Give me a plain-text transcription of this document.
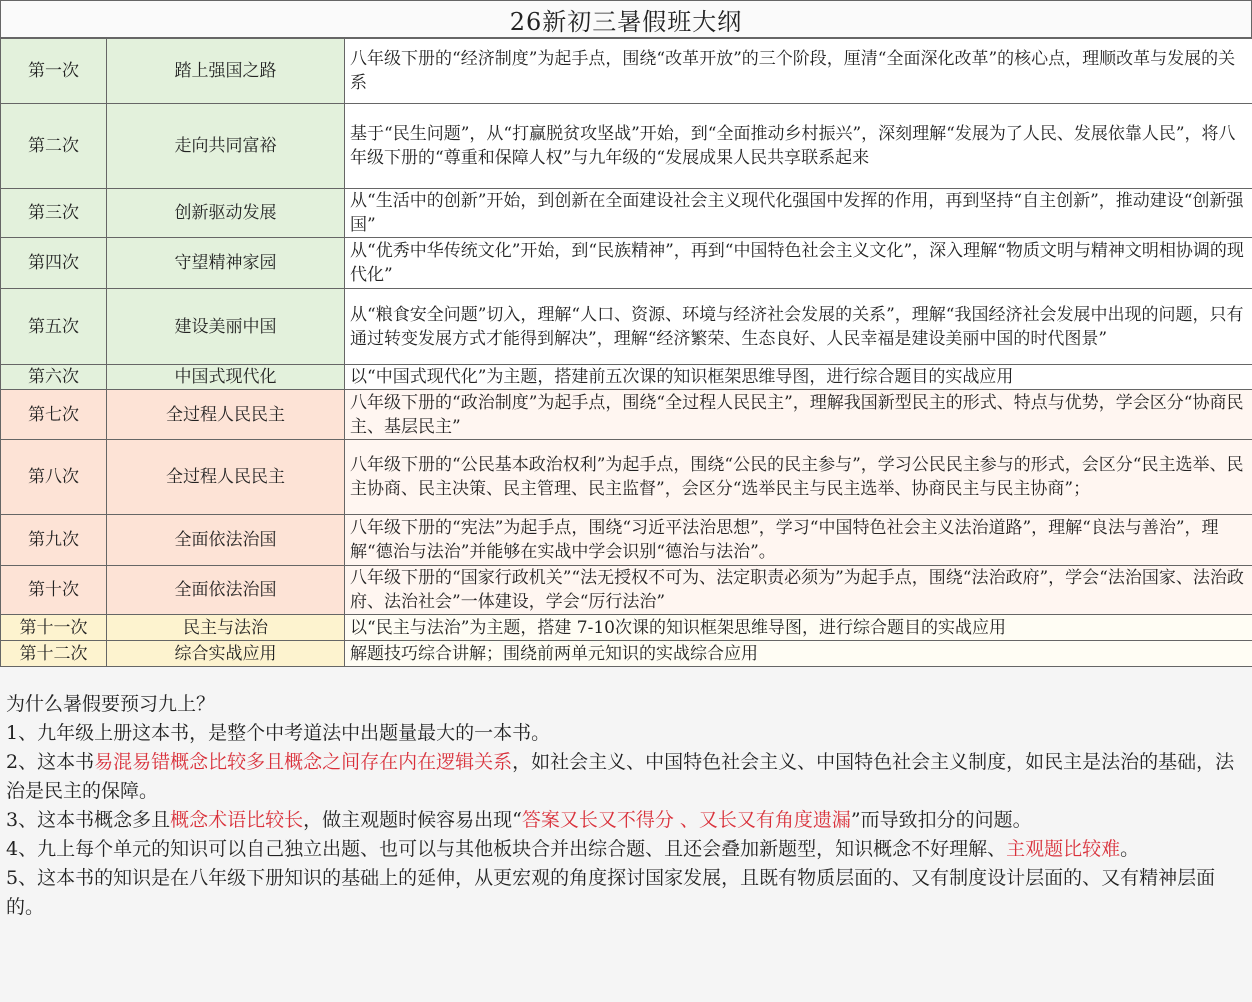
26新初三暑假班大纲
第一次	踏上强国之路	八年级下册的“经济制度”为起手点，围绕“改革开放”的三个阶段，厘清“全面深化改革”的核心点，理顺改革与发展的关系
第二次	走向共同富裕	基于“民生问题”，从“打赢脱贫攻坚战”开始，到“全面推动乡村振兴”，深刻理解“发展为了人民、发展依靠人民”，将八年级下册的“尊重和保障人权”与九年级的“发展成果人民共享联系起来
第三次	创新驱动发展	从“生活中的创新”开始，到创新在全面建设社会主义现代化强国中发挥的作用，再到坚持“自主创新”，推动建设“创新强国”
第四次	守望精神家园	从“优秀中华传统文化”开始，到“民族精神”，再到“中国特色社会主义文化”，深入理解“物质文明与精神文明相协调的现代化”
第五次	建设美丽中国	从“粮食安全问题”切入，理解“人口、资源、环境与经济社会发展的关系”，理解“我国经济社会发展中出现的问题，只有通过转变发展方式才能得到解决”，理解“经济繁荣、生态良好、人民幸福是建设美丽中国的时代图景”
第六次	中国式现代化	以“中国式现代化”为主题，搭建前五次课的知识框架思维导图，进行综合题目的实战应用
第七次	全过程人民民主	八年级下册的“政治制度”为起手点，围绕“全过程人民民主”，理解我国新型民主的形式、特点与优势，学会区分“协商民主、基层民主”
第八次	全过程人民民主	八年级下册的“公民基本政治权利”为起手点，围绕“公民的民主参与”，学习公民民主参与的形式，会区分“民主选举、民主协商、民主决策、民主管理、民主监督”，会区分“选举民主与民主选举、协商民主与民主协商”；
第九次	全面依法治国	八年级下册的“宪法”为起手点，围绕“习近平法治思想”，学习“中国特色社会主义法治道路”，理解“良法与善治”，理解“德治与法治”并能够在实战中学会识别“德治与法治”。
第十次	全面依法治国	八年级下册的“国家行政机关”“法无授权不可为、法定职责必须为”为起手点，围绕“法治政府”，学会“法治国家、法治政府、法治社会”一体建设，学会“厉行法治”
第十一次	民主与法治	以“民主与法治”为主题，搭建 7-10次课的知识框架思维导图，进行综合题目的实战应用
第十二次	综合实战应用	解题技巧综合讲解；围绕前两单元知识的实战综合应用

为什么暑假要预习九上？

1、九年级上册这本书，是整个中考道法中出题量最大的一本书。

2、这本书易混易错概念比较多且概念之间存在内在逻辑关系，如社会主义、中国特色社会主义、中国特色社会主义制度，如民主是法治的基础，法治是民主的保障。

3、这本书概念多且概念术语比较长，做主观题时候容易出现“答案又长又不得分 、又长又有角度遗漏”而导致扣分的问题。

4、九上每个单元的知识可以自己独立出题、也可以与其他板块合并出综合题、且还会叠加新题型，知识概念不好理解、主观题比较难。

5、这本书的知识是在八年级下册知识的基础上的延伸，从更宏观的角度探讨国家发展，且既有物质层面的、又有制度设计层面的、又有精神层面的。
